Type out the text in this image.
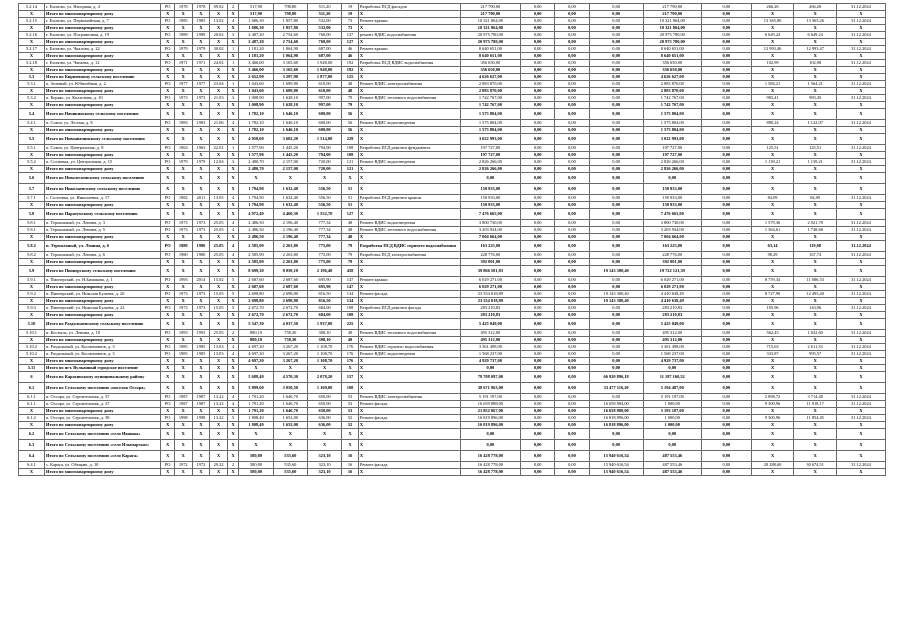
5.2.14	г. Елизово, ул. Нагорная, д. 4	РО	1978	1978	09.02	2	517,90	798,80	511,20	19	Разработка ПСД фасадов	217 790,00	0,00	0,00	0,00	217 790,00	0,00	266,26	266,26	31.12.2024
X	Итого по многоквартирному дому	X	X	X	X	X	517,90	798,80	511,20	19	X	217 790,00	0,00	0,00	0,00	217 790,00	0,00	X	X	X
5.2.15	г. Елизово, ул. Первомайская, д. 7	РО	1985	1985	13.02	4	1 686,30	1 857,80	532,00	73	Ремонт крыши	10 321 864,00	0,00	0,00	0,00	10 321 864,00	0,00	13 365,80	13 365,26	31.12.2024
X	Итого по многоквартирному дому	X	X	X	X	X	1 686,30	1 857,80	532,00	73	X	10 321 864,00	0,00	0,00	0,00	10 321 864,00	0,00	X	X	X
5.2.16	г. Елизово, ул. Пограничная, д. 19	РО	1989	1989	20.02	3	2 487,20	2 754,60	768,00	127	ремонт ВДИС водоснабжения	20 975 780,00	0,00	0,00	0,00	20 975 780,00	0,00	6 649,24	6 649,24	31.12.2024
X	Итого по многоквартирному дому	X	X	X	X	X	2 487,20	2 754,60	768,00	127	X	20 975 780,00	0,00	0,00	0,00	20 975 780,00	0,00	X	X	X
5.2.17	г. Елизово, ул. Чкалова, д. 22	РО	1979	1979	30.02	1	1 181,20	1 064,90	687,00	46	Ремонт крыши	8 640 651,00	0,00	0,00	0,00	8 640 651,00	0,00	12 993,46	12 993,47	31.12.2024
X	Итого по многоквартирному дому	X	X	X	X	X	1 181,20	1 064,90	687,00	46	X	8 640 651,00	0,00	0,00	0,00	8 640 651,00	0,00	X	X	X
5.2.18	г. Елизово, ул. Чапаева, д. 12	РО	1971	1971	24.02	1	3 466,00	3 165,60	1 948,00	192	Разработка ПСД ВДИС водоснабжения	356 650,00	0,00	0,00	0,00	356 650,00	0,00	102,99	102,98	31.12.2024
X	Итого по многоквартирному дому	X	X	X	X	X	3 466,00	3 165,60	1 948,00	192	X	356 650,00	0,00	0,00	0,00	356 650,00	0,00	X	X	X
5.3	Итого по Кирпичному сельскому поселению	X	X	X	X	X	2 652,90	3 297,90	1 877,00	125	X	4 626 627,00	0,00	0,00	0,00	4 626 627,00	0,00	X	X	X
5.3.1	п. Зеленый, ул. Юбилейная, д. 2	РО	1977	1977	23.04	1	1 043,60	1 689,80	610,00	48	Ремонт ВДИС электроснабжения	2 883 870,00	0,00	0,00	0,00	2 883 870,00	0,00	1 584,21	1 564,21	31.12.2024
X	Итого по многоквартирному дому	X	X	X	X	X	1 043,60	1 689,80	610,00	48	X	2 883 870,00	0,00	0,00	0,00	2 883 870,00	0,00	X	X	X
5.3.2	п. Корякс, ул. Колхозная, д. 10	РО	1973	1973	21.03	3	1 008,90	1 628,10	997,00	79	Ремонт ВДИС теплового водоснабжения	1 742 767,00	0,00	0,00	0,00	1 742 767,00	0,00	983,41	983,45	31.12.2024
X	Итого по многоквартирному дому	X	X	X	X	X	1 008,90	1 628,10	997,00	79	X	1 742 767,00	0,00	0,00	0,00	1 742 767,00	0,00	X	X	X
5.4	Итого по Начикинскому сельскому поселению	X	X	X	X	X	1 782,10	1 646,10	600,00	56	X	1 575 804,00	0,00	0,00	0,00	1 575 804,00	0,00	X	X	X
5.4.1	п. Сокоч, ул. Лесная, д. 8	РО	1983	1983	21.06	4	1 782,10	1 646,10	600,00	56	Ремонт ВДИС водоотведения	1 575 804,00	0,00	0,00	0,00	1 575 804,00	0,00	880,24	1 122,07	31.12.2024
X	Итого по многоквартирному дому	X	X	X	X	X	1 782,10	1 646,10	600,00	56	X	1 575 804,00	0,00	0,00	0,00	1 575 804,00	0,00	X	X	X
5.5	Итого по Новоавачинскому сельскому поселению	X	X	X	X	X	4 058,60	3 602,20	1 514,00	229	X	3 022 993,00	0,00	0,00	0,00	3 022 993,00	0,00	X	X	X
5.5.1	п. Сокоч, ул. Центральная, д. 8	РО	1963	1963	22.01	1	1 577,90	1 445,20	794,00	108	Разработка ПСД ремонта фундамента	197 727,00	0,00	0,00	0,00	197 727,00	0,00	125,51	125,51	31.12.2024
X	Итого по многоквартирному дому	X	X	X	X	X	1 577,90	1 445,20	794,00	108	X	197 727,00	0,00	0,00	0,00	197 727,00	0,00	X	X	X
5.5.2	п. Сосновка, ул. Центральная, д. 15	РО	1979	1979	12.04	3	2 480,70	2 157,00	720,00	121	Ремонт ВДИС водоотведения	2 826 266,00	0,00	0,00	0,00	2 826 266,00	0,00	1 139,21	1 139,21	31.12.2024
X	Итого по многоквартирному дому	X	X	X	X	X	2 480,70	2 157,00	720,00	121	X	2 826 266,00	0,00	0,00	0,00	2 826 266,00	0,00	X	X	X
5.6	Итого по Новолесновскому сельскому поселению	X	X	X	X	X	X	X	X	X	X	0,00	0,00	0,00	0,00	0,00	0,00	X	X	X
5.7	Итого по Николаевскому сельскому поселению	X	X	X	X	X	1 794,90	1 632,40	556,50	51	X	150 933,00	0,00	0,00	0,00	150 933,00	0,00	X	X	X
5.7.1	с. Сосновка, ул. Николаевка, д. 17	РО	1982	2011	13.05	4	1 794,90	1 632,40	556,50	51	Разработка ПСД ремонта крыши	150 933,00	0,00	0,00	0,00	150 933,00	0,00	84,09	84,09	31.12.2024
X	Итого по многоквартирному дому	X	X	X	X	X	1 794,90	1 632,40	556,50	51	X	150 933,00	0,00	0,00	0,00	150 933,00	0,00	X	X	X
5.8	Итого по Паратунскому сельскому поселению	X	X	X	X	X	4 972,40	4 460,30	1 552,70	127	X	7 476 665,00	0,00	0,00	0,00	7 476 665,00	0,00	X	X	X
5.8.1	п. Термальный, ул. Ленина, д. 3	РО	1973	1973	25.05	4	2 486,50	2 196,40	777,34	48	Ремонт ВДИС водоотведения	3 800 730,00	0,00	0,00	0,00	3 800 730,00	0,00	1 579,36	2 021,78	31.12.2024
5.8.1	п. Термальный, ул. Ленина, д. 5	РО	1973	1973	25.05	4	2 486,50	2 196,40	777,34	48	Ремонт ВДИС теплового водоснабжения	3 203 934,00	0,00	0,00	0,00	3 203 934,00	0,00	1 364,61	1 748,68	31.12.2024
X	Итого по многоквартирному дому	X	X	X	X	X	2 486,50	2 196,40	777,34	48	X	7 004 664,00	0,00	0,00	0,00	7 004 664,00	0,00	X	X	X
5.8.2	п. Термальный, ул. Ленина, д. 6	РО	1980	1980	25.05	4	2 585,90	2 263,80	775,00	79	Разработка ПСД ВДИС горячего водоснабжения	163 225,00	0,00	0,00	0,00	163 225,00	0,00	63,14	119,08	31.12.2024
5.8.2	п. Термальный, ул. Ленина, д. 6	РО	1980	1980	25.05	4	2 585,90	2 263,80	775,00	79	Разработка ПСД электроснабжения	228 776,00	0,00	0,00	0,00	228 776,00	0,00	98,29	167,74	31.12.2024
X	Итого по многоквартирному дому	X	X	X	X	X	2 585,90	2 263,80	775,00	79	X	392 001,00	0,00	0,00	0,00	392 001,00	0,00	X	X	X
5.9	Итого по Пионерскому сельскому поселению	X	X	X	X	X	8 699,30	8 050,10	2 196,40	458	X	39 866 501,83	0,00	0,00	19 143 380,40	19 722 121,39	0,00	X	X	X
5.9.1	п. Пионерский, ул. Н.Бимакова, д. 1	РО	1993	2014	15.02	5	2 687,60	2 687,60	695,90	147	Ремонт крыши	6 029 271,00	0,00	0,00	0,00	6 029 271,00	0,00	8 759,34	11 086,53	31.12.2024
X	Итого по многоквартирному дому	X	X	X	X	X	2 687,60	2 687,60	695,90	147	X	6 029 271,00	0,00	0,00	0,00	6 029 271,00	0,00	X	X	X
5.9.2	п. Пионерский, ул. Николая Булаева, д. 20	РО	1973	1973	15.05	5	2 698,80	2 698,80	816,50	134	Ремонт фасада	23 554 018,89	0,00	0,00	19 143 380,40	4 410 638,49	0,00	8 727,90	12 495,40	31.12.2024
X	Итого по многоквартирному дому	X	X	X	X	X	2 698,80	2 698,80	816,50	134	X	23 554 018,89	0,00	0,00	19 143 380,40	4 410 638,49	0,00	X	X	X
5.9.3	п. Пионерский, ул. Николая Булаева, д. 22	РО	1973	1973	15.05	5	2 672,70	2 672,70	684,00	108	Разработка ПСД ремонта фасада	283 210,83	0,00	0,00	0,00	283 210,83	0,00	105,96	143,96	31.12.2024
X	Итого по многоквартирному дому	X	X	X	X	X	2 672,70	2 672,70	684,00	108	X	283 210,83	0,00	0,00	0,00	283 210,83	0,00	X	X	X
5.10	Итого по Раздольненскому сельскому поселению	X	X	X	X	X	5 547,30	4 037,50	1 937,00	225	X	5 425 049,00	0,00	0,00	0,00	5 425 049,00	0,00	X	X	X
5.10.1	п. Костыль, ул. Ленина, д. 10	РО	1993	1993	25.05	2	880,10	758,30	308,10	49	Ремонт ВДИС теплового водоснабжения	495 312,00	0,00	0,00	0,00	495 312,00	0,00	562,45	1 022,60	31.12.2024
X	Итого по многоквартирному дому	X	X	X	X	X	880,10	758,30	308,10	49	X	495 312,00	0,00	0,00	0,00	495 312,00	0,00	X	X	X
5.10.2	п. Раздольный, ул. Космонавтов, д. 3	РО	1985	1985	13.03	4	4 697,20	3 267,20	1 108,70	176	Ремонт ВДИС горячего водоснабжения	3 361 498,00	0,00	0,00	0,00	3 361 498,00	0,00	715,63	2 611,33	31.12.2024
5.10.2	п. Раздольный, ул. Космонавтов, д. 3	РО	1985	1985	13.03	4	4 697,20	3 267,20	1 108,70	176	Ремонт ВДИС водоотведения	1 568 237,00	0,00	0,00	0,00	1 568 237,00	0,00	333,87	995,57	31.12.2024
X	Итого по многоквартирному дому	X	X	X	X	X	4 697,20	3 267,20	1 108,70	176	X	4 929 737,00	0,00	0,00	0,00	4 929 737,00	0,00	X	X	X
5.11	Итого по пгт. Вулканный городское поселение	X	X	X	X	X	X	X	X	X	X	0,00	0,00	0,00	0,00	0,00	0,00	X	X	X
6	Итого по Карагинскому муниципальному району	X	X	X	X	X	5 688,40	4 570,30	2 078,20	157	X	79 708 097,00	0,00	0,00	66 920 896,18	11 187 160,52	0,00	X	X	X
6.1	Итого по Сельскому поселению «поселок Оссора»	X	X	X	X	X	3 899,60	3 050,50	1 169,00	108	X	38 671 963,00	0,00	0,00	33 477 116,20	5 194 487,00	0,00	X	X	X
6.1.1	п. Оссора, ул. Строительная, д. 37	РО	1987	1987	13.22	4	1 791,20	1 646,70	650,00	53	Ремонт ВДИС электроснабжения	5 191 197,00	0,00	0,00	0,00	5 191 197,00	0,00	2 898,72	3 714,48	31.12.2024
6.1.1	п. Оссора, ул. Строительная, д. 37	РО	1987	1987	13.22	4	1 791,20	1 646,70	650,00	53	Ремонт фасада	16 659 888,00	0,00	0,00	16 658 884,00	1 000,00	0,00	9 300,96	11 918,17	31.12.2024
X	Итого по многоквартирному дому	X	X	X	X	X	1 791,20	1 646,70	650,00	53	X	21 852 067,00	0,00	0,00	16 658 880,00	5 193 187,00	0,00	X	X	X
6.1.2	п. Оссора, ул. Строительная, д. 38	РО	1998	1998	13.22	5	1 808,40	1 652,00	636,00	52	Ремонт фасада	16 819 896,00	0,00	0,00	16 818 896,00	1 000,00	0,00	9 300,96	11 854,45	31.12.2024
X	Итого по многоквартирному дому	X	X	X	X	X	1 808,40	1 652,00	636,00	52	X	16 819 896,00	0,00	0,00	16 818 896,00	1 000,00	0,00	X	X	X
6.2	Итого по Сельскому поселению «село Ивашка»	X	X	X	X	X	X	X	X	X	X	0,00	0,00	0,00	0,00	0,00	0,00	X	X	X
6.3	Итого по Сельскому поселению «село Ильпырское»	X	X	X	X	X	X	X	X	X	X	0,00	0,00	0,00	0,00	0,00	0,00	X	X	X
6.4	Итого по Сельскому поселению «село Карага»	X	X	X	X	X	580,80	535,60	323,10	16	X	16 428 778,00	0,00	0,00	15 940 616,54	487 553,46	0,00	X	X	X
6.4.1	с. Карага, ул. Обещаю, д. 10	РО	1972	1972	29.22	2	580,80	535,60	323,10	16	Ремонт фасада	16 428 778,00	0,00	0,00	15 940 616,54	487 553,46	0,00	28 288,60	30 674,51	31.12.2024
X	Итого по многоквартирному дому	X	X	X	X	X	580,80	535,60	323,10	16	X	16 428 778,00	0,00	0,00	15 940 616,54	487 553,46	0,00	X	X	X
